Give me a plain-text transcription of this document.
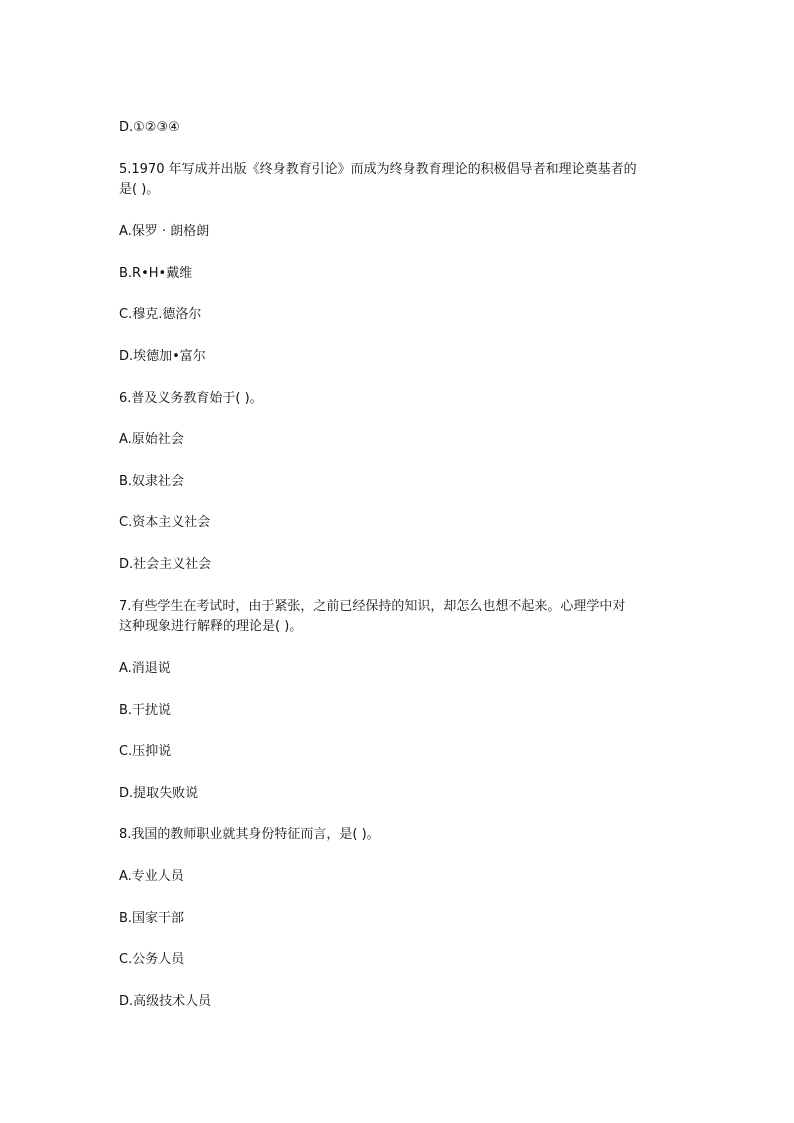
D.①②③④
5.1970 年写成并出版《终身教育引论》而成为终身教育理论的积极倡导者和理论奠基者的
是( )。
A.保罗 · 朗格朗
B.R•H•戴维
C.穆克.德洛尔
D.埃德加•富尔
6.普及义务教育始于( )。
A.原始社会
B.奴隶社会
C.资本主义社会
D.社会主义社会
7.有些学生在考试时，由于紧张，之前已经保持的知识，却怎么也想不起来。心理学中对
这种现象进行解释的理论是( )。
A.消退说
B.干扰说
C.压抑说
D.提取失败说
8.我国的教师职业就其身份特征而言，是( )。
A.专业人员
B.国家干部
C.公务人员
D.高级技术人员
